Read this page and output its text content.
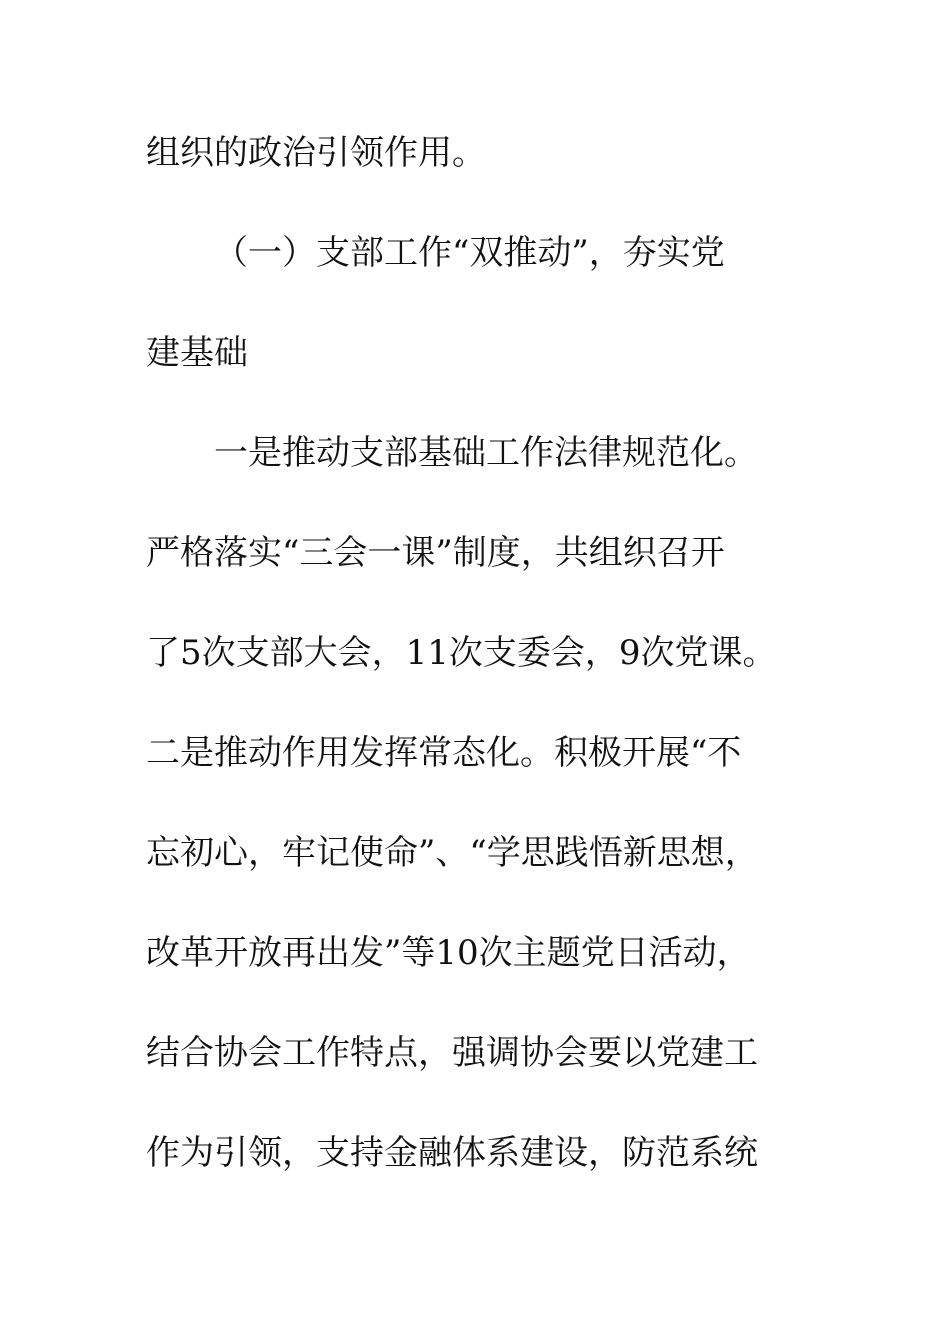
组织的政治引领作用。
（一）支部工作“双推动”，夯实党
建基础
一是推动支部基础工作法律规范化。
严格落实“三会一课”制度，共组织召开
了5次支部大会，11次支委会，9次党课。
二是推动作用发挥常态化。积极开展“不
忘初心，牢记使命”、“学思践悟新思想，
改革开放再出发”等10次主题党日活动，
结合协会工作特点，强调协会要以党建工
作为引领，支持金融体系建设，防范系统
